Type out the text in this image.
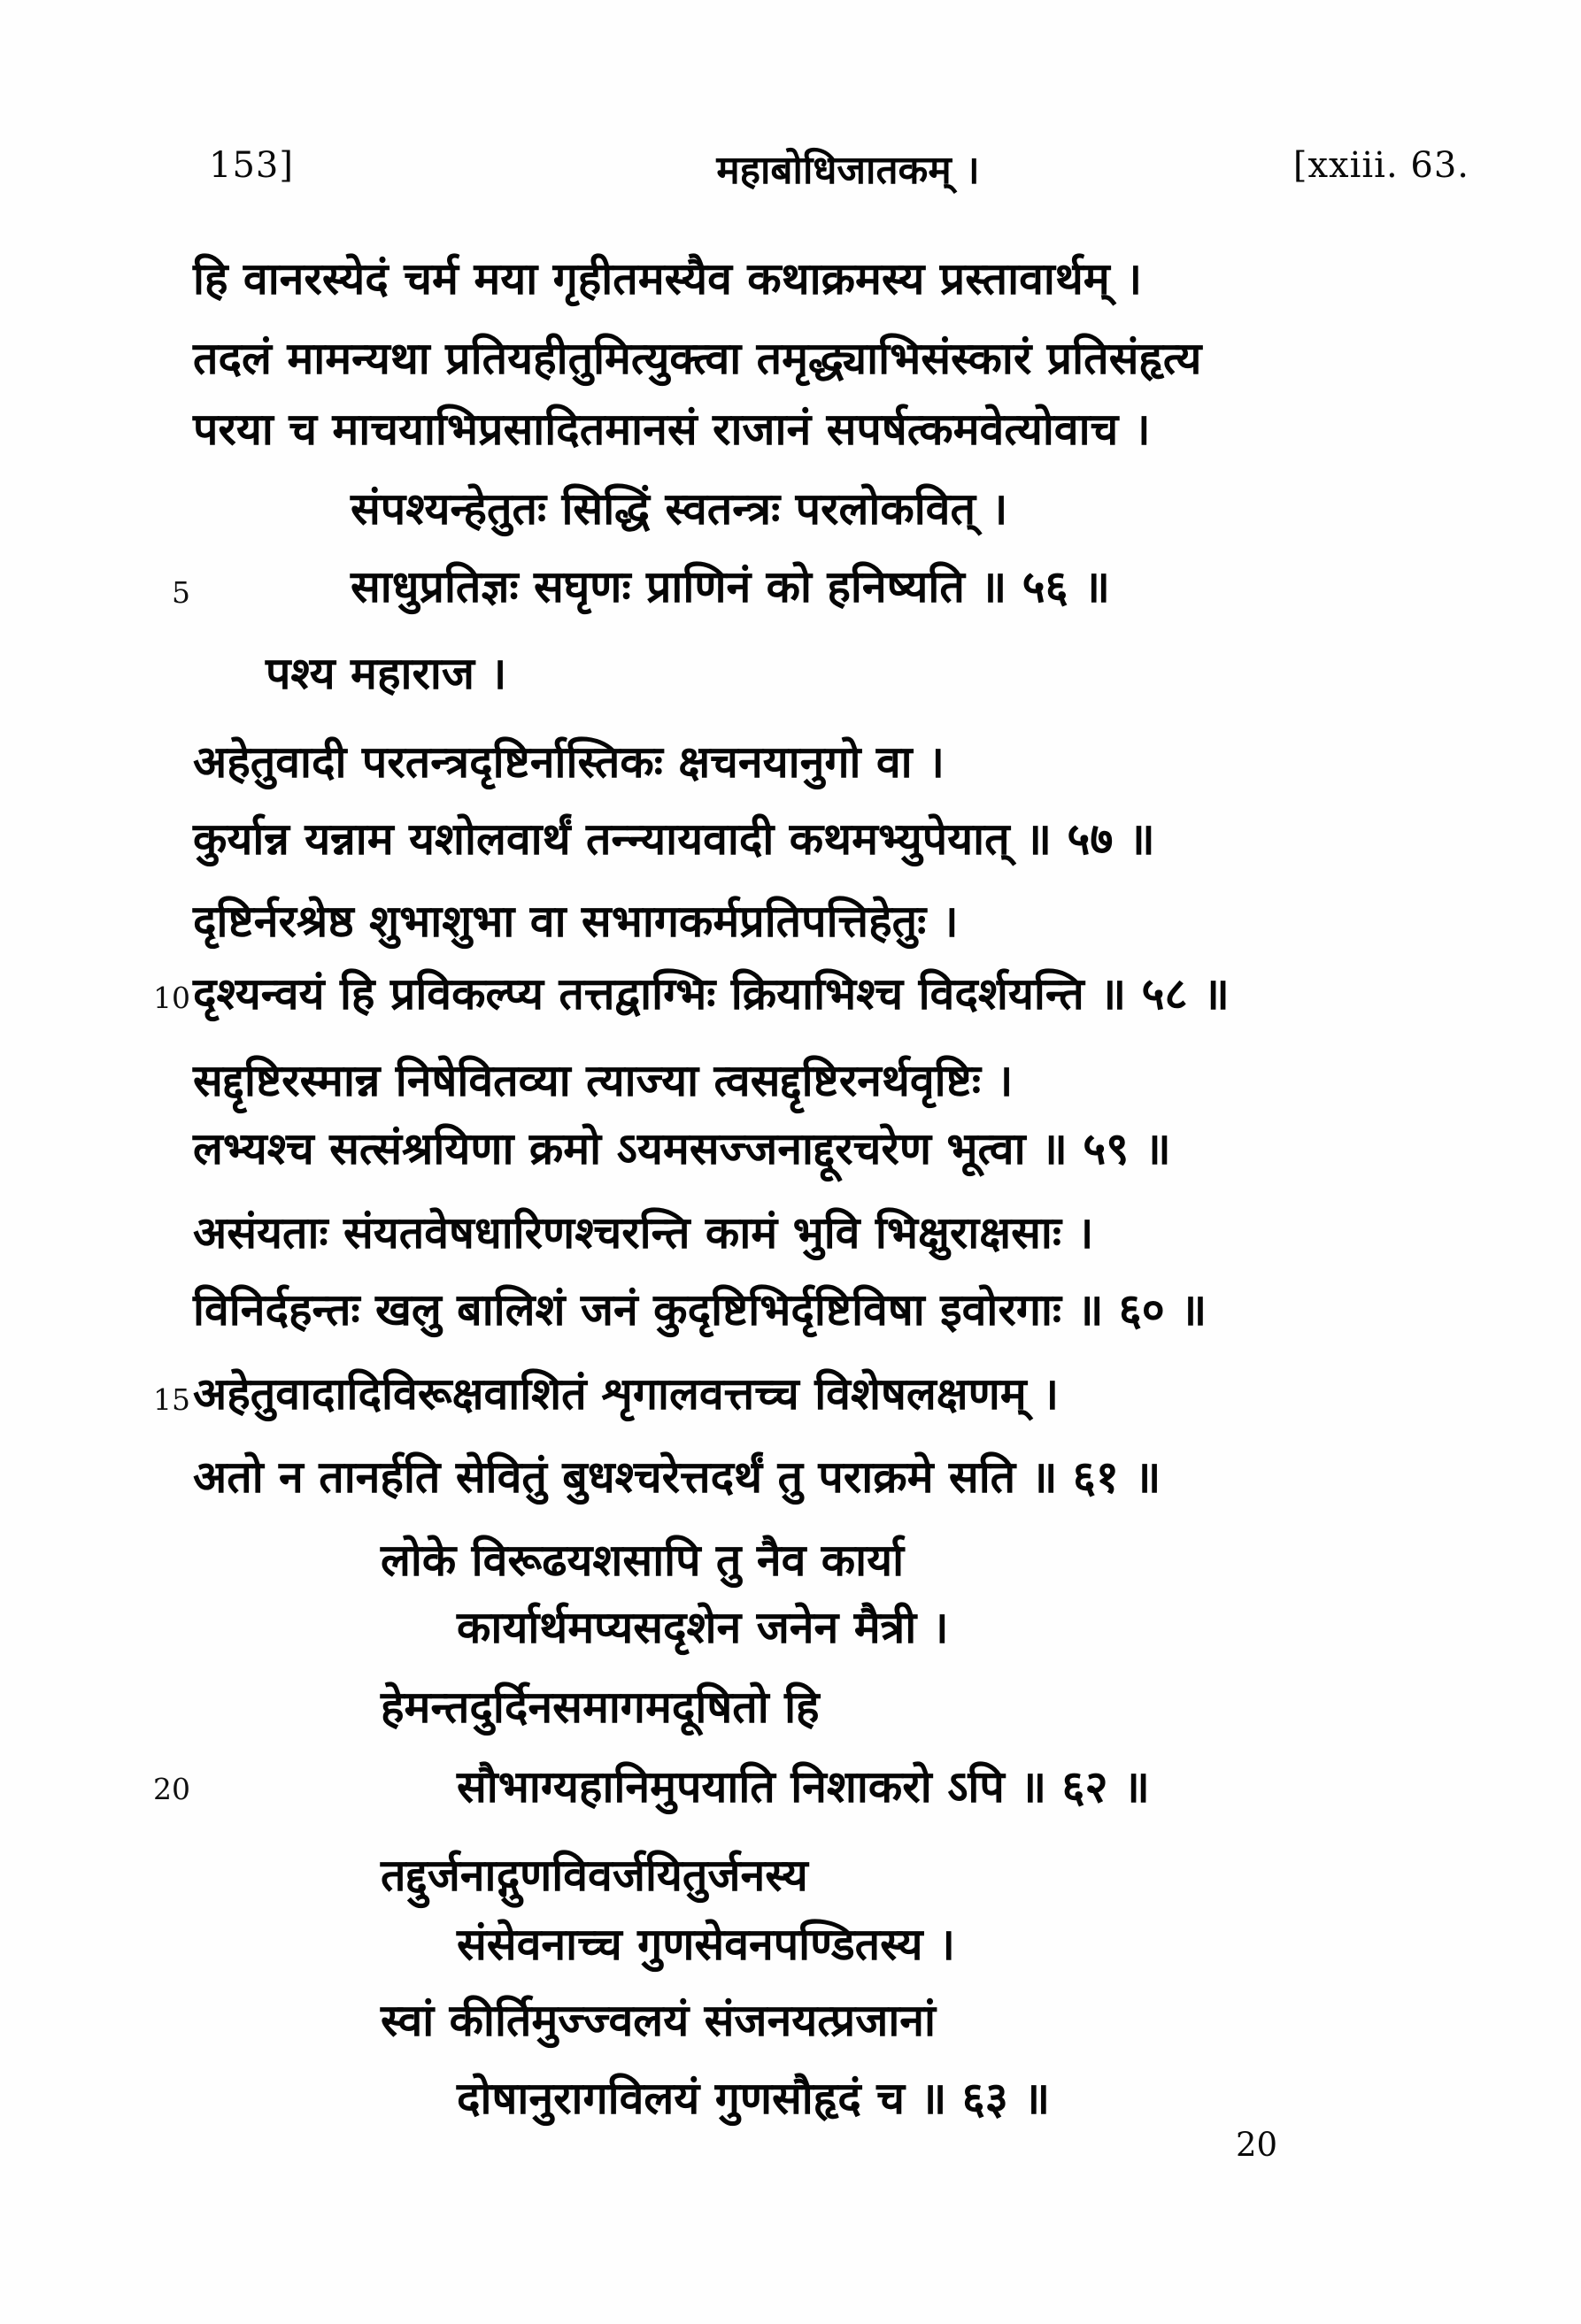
153]	महाबोधिजातकम् ।	[xxiii. 63.
5
10
15
20
हि वानरस्येदं चर्म मया गृहीतमस्यैव कथाक्रमस्य प्रस्तावार्थम् ।
तदलं मामन्यथा प्रतियहीतुमित्युक्त्वा तमृद्ध्याभिसंस्कारं प्रतिसंहृत्य
परया च माचयाभिप्रसादितमानसं राजानं सपर्षत्कमवेत्योवाच ।
संपश्यन्हेतुतः सिद्धिं स्वतन्त्रः परलोकवित् ।
साधुप्रतिज्ञः सघृणः प्राणिनं को हनिष्यति ॥ ५६ ॥
पश्य महाराज ।
अहेतुवादी परतन्त्रदृष्टिर्नास्तिकः क्षचनयानुगो वा ।
कुर्यान्न यन्नाम यशोलवार्थं तन्न्यायवादी कथमभ्युपेयात् ॥ ५७ ॥
दृष्टिर्नरश्रेष्ठ शुभाशुभा वा सभागकर्मप्रतिपत्तिहेतुः ।
दृश्यन्वयं हि प्रविकल्प्य तत्तद्वाग्भिः क्रियाभिश्च विदर्शयन्ति ॥ ५८ ॥
सद्दृष्टिरस्मान्न निषेवितव्या त्याज्या त्वसद्दृष्टिरनर्थवृष्टिः ।
लभ्यश्च सत्संश्रयिणा क्रमो ऽयमसज्जनाद्दूरचरेण भूत्वा ॥ ५९ ॥
असंयताः संयतवेषधारिणश्चरन्ति कामं भुवि भिक्षुराक्षसाः ।
विनिर्दहन्तः खलु बालिशं जनं कुदृष्टिभिर्दृष्टिविषा इवोरगाः ॥ ६० ॥
अहेतुवादादिविरूक्षवाशितं शृगालवत्तच्च विशेषलक्षणम् ।
अतो न तानर्हति सेवितुं बुधश्चरेत्तदर्थं तु पराक्रमे सति ॥ ६१ ॥
लोके विरूढयशसापि तु नैव कार्या
कार्यार्थमप्यसदृशेन जनेन मैत्री ।
हेमन्तदुर्दिनसमागमदूषितो हि
सौभाग्यहानिमुपयाति निशाकरो ऽपि ॥ ६२ ॥
तद्दुर्जनाद्गुणविवर्जयितुर्जनस्य
संसेवनाच्च गुणसेवनपण्डितस्य ।
स्वां कीर्तिमुज्ज्वलयं संजनयत्प्रजानां
दोषानुरागविलयं गुणसौहृदं च ॥ ६३ ॥
20
